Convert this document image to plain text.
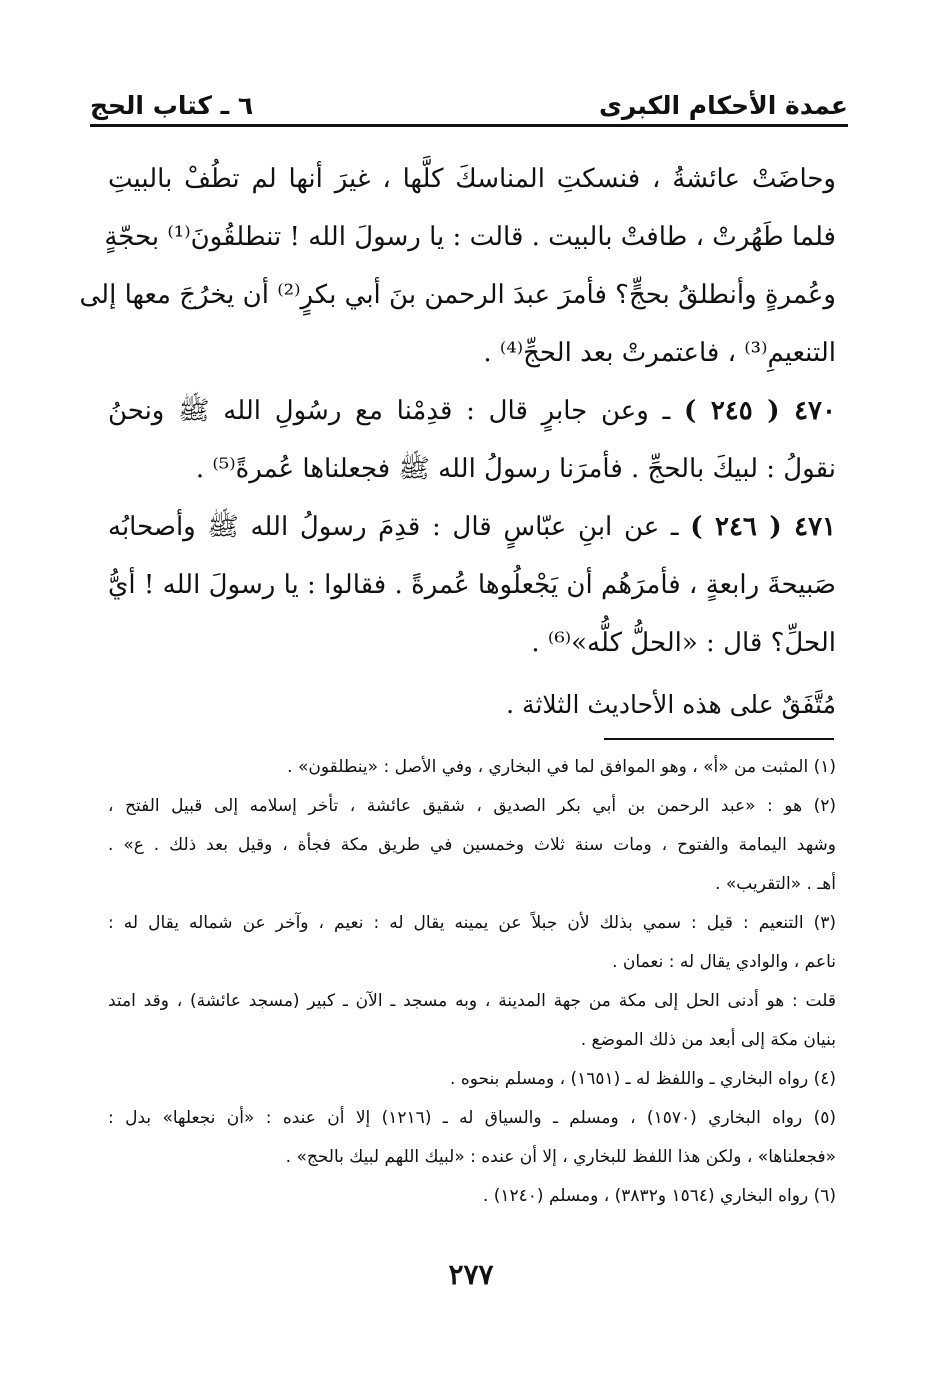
عمدة الأحكام الكبرى
٦ ـ كتاب الحج
وحاضَتْ عائشةُ ، فنسكتِ المناسكَ كلَّها ، غيرَ أنها لم تطُفْ بالبيتِ
فلما طَهُرتْ ، طافتْ بالبيت . قالت : يا رسولَ الله ! تنطلقُونَ⁽¹⁾ بحجّةٍ
وعُمرةٍ وأنطلقُ بحجٍّ؟ فأمرَ عبدَ الرحمن بنَ أبي بكرٍ⁽²⁾ أن يخرُجَ معها إلى
التنعيمِ⁽³⁾ ، فاعتمرتْ بعد الحجِّ⁽⁴⁾ .
٤٧٠ ( ٢٤٥ ) ـ وعن جابرٍ قال : قدِمْنا مع رسُولِ الله ﷺ ونحنُ
نقولُ : لبيكَ بالحجِّ . فأمرَنا رسولُ الله ﷺ فجعلناها عُمرةً⁽⁵⁾ .
٤٧١ ( ٢٤٦ ) ـ عن ابنِ عبّاسٍ قال : قدِمَ رسولُ الله ﷺ وأصحابُه
صَبيحةَ رابعةٍ ، فأمرَهُم أن يَجْعلُوها عُمرةً . فقالوا : يا رسولَ الله ! أيُّ
الحلِّ؟ قال : «الحلُّ كلُّه»⁽⁶⁾ .
مُتَّفَقٌ على هذه الأحاديث الثلاثة .
(١) المثبت من «أ» ، وهو الموافق لما في البخاري ، وفي الأصل : «ينطلقون» .
(٢) هو : «عبد الرحمن بن أبي بكر الصديق ، شقيق عائشة ، تأخر إسلامه إلى قبيل الفتح ،
وشهد اليمامة والفتوح ، ومات سنة ثلاث وخمسين في طريق مكة فجأة ، وقيل بعد ذلك . ع» .
أهـ . «التقريب» .
(٣) التنعيم : قيل : سمي بذلك لأن جبلاً عن يمينه يقال له : نعيم ، وآخر عن شماله يقال له :
ناعم ، والوادي يقال له : نعمان .
قلت : هو أدنى الحل إلى مكة من جهة المدينة ، وبه مسجد ـ الآن ـ كبير (مسجد عائشة) ، وقد امتد
بنيان مكة إلى أبعد من ذلك الموضع .
(٤) رواه البخاري ـ واللفظ له ـ (١٦٥١) ، ومسلم بنحوه .
(٥) رواه البخاري (١٥٧٠) ، ومسلم ـ والسياق له ـ (١٢١٦) إلا أن عنده : «أن نجعلها» بدل :
«فجعلناها» ، ولكن هذا اللفظ للبخاري ، إلا أن عنده : «لبيك اللهم لبيك بالحج» .
(٦) رواه البخاري (١٥٦٤ و٣٨٣٢) ، ومسلم (١٢٤٠) .
٢٧٧
